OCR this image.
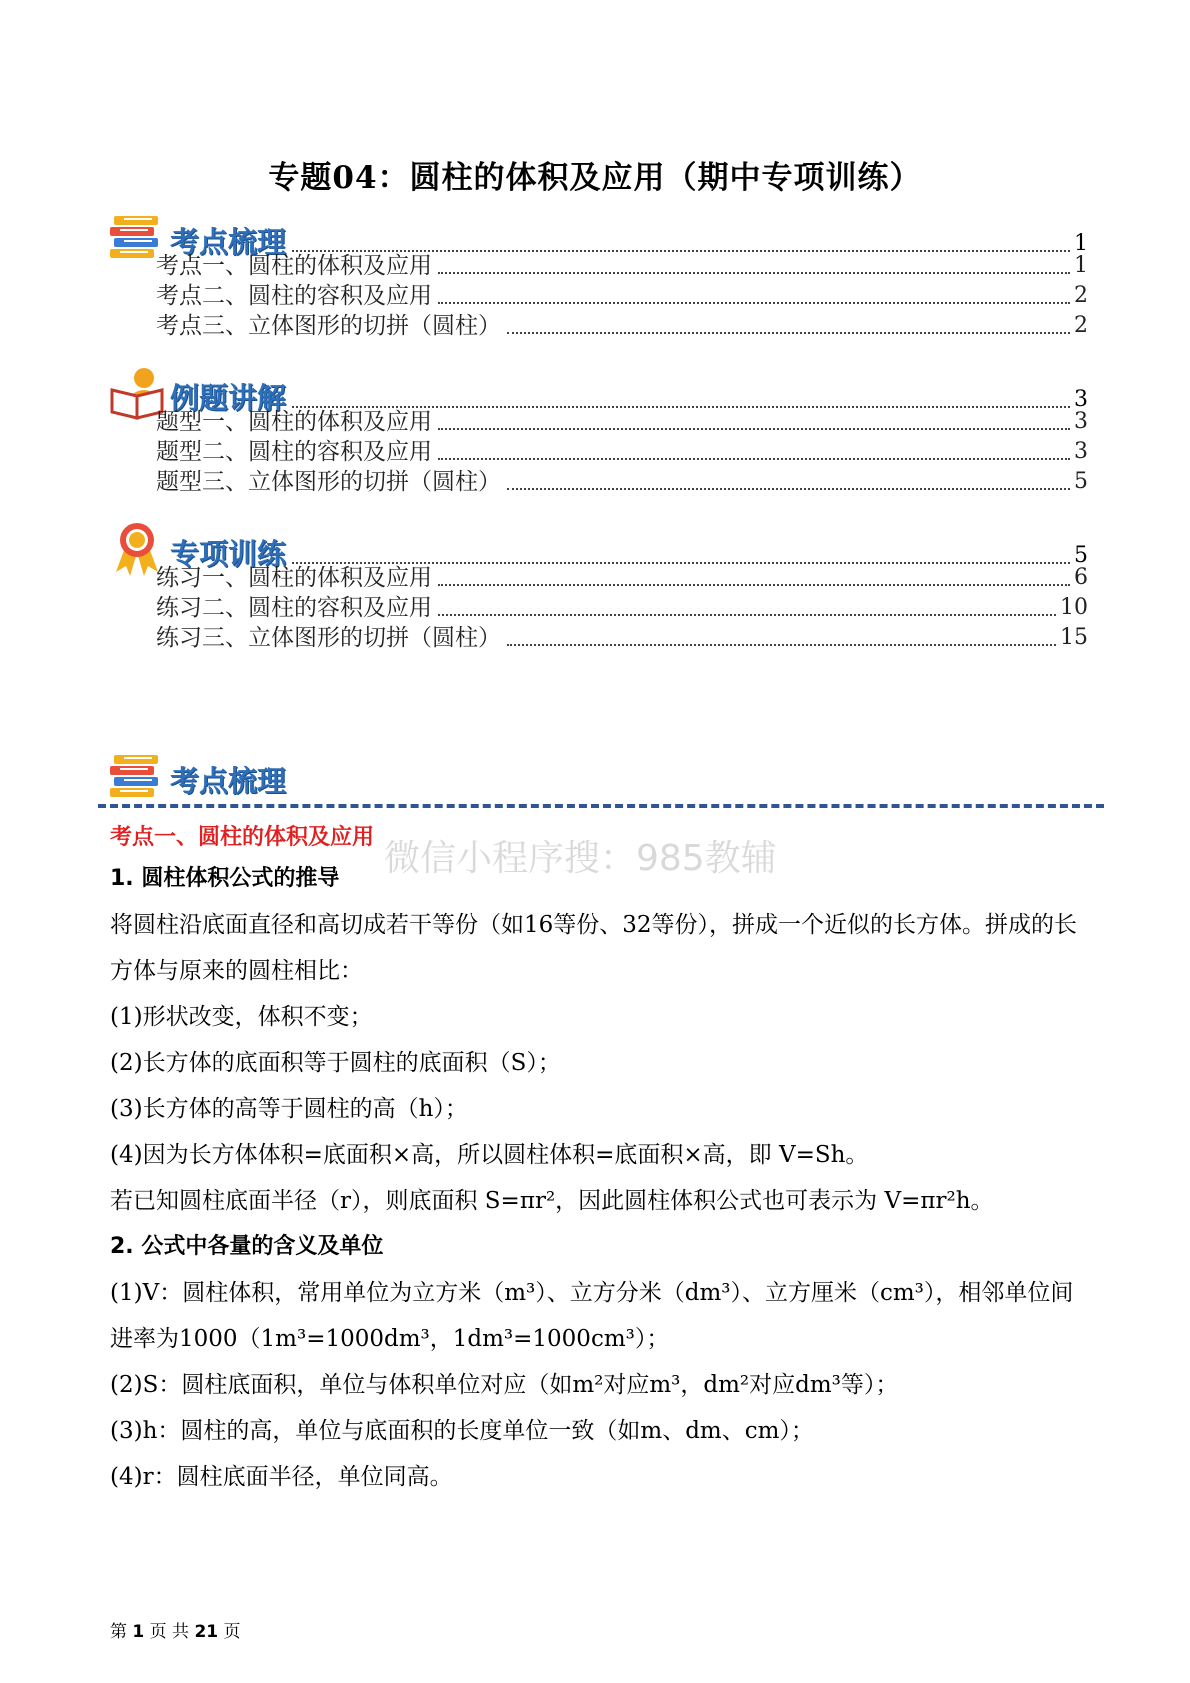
专题04：圆柱的体积及应用（期中专项训练）
考点梳理	1
考点一、圆柱的体积及应用	1
考点二、圆柱的容积及应用	2
考点三、立体图形的切拼（圆柱）	2
例题讲解	3
题型一、圆柱的体积及应用	3
题型二、圆柱的容积及应用	3
题型三、立体图形的切拼（圆柱）	5
专项训练	5
练习一、圆柱的体积及应用	6
练习二、圆柱的容积及应用	10
练习三、立体图形的切拼（圆柱）	15
考点梳理
考点一、圆柱的体积及应用
微信小程序搜：985教辅

1. 圆柱体积公式的推导

将圆柱沿底面直径和高切成若干等份（如16等份、32等份），拼成一个近似的长方体。拼成的长方体与原来的圆柱相比：

(1)形状改变，体积不变；

(2)长方体的底面积等于圆柱的底面积（S）；

(3)长方体的高等于圆柱的高（h）；

(4)因为长方体体积=底面积×高，所以圆柱体积=底面积×高，即 V=Sh。

若已知圆柱底面半径（r），则底面积 S=πr²，因此圆柱体积公式也可表示为 V=πr²h。

2. 公式中各量的含义及单位

(1)V：圆柱体积，常用单位为立方米（m³）、立方分米（dm³）、立方厘米（cm³），相邻单位间进率为1000（1m³=1000dm³，1dm³=1000cm³）；

(2)S：圆柱底面积，单位与体积单位对应（如m²对应m³，dm²对应dm³等）；

(3)h：圆柱的高，单位与底面积的长度单位一致（如m、dm、cm）；

(4)r：圆柱底面半径，单位同高。

第 1 页 共 21 页
